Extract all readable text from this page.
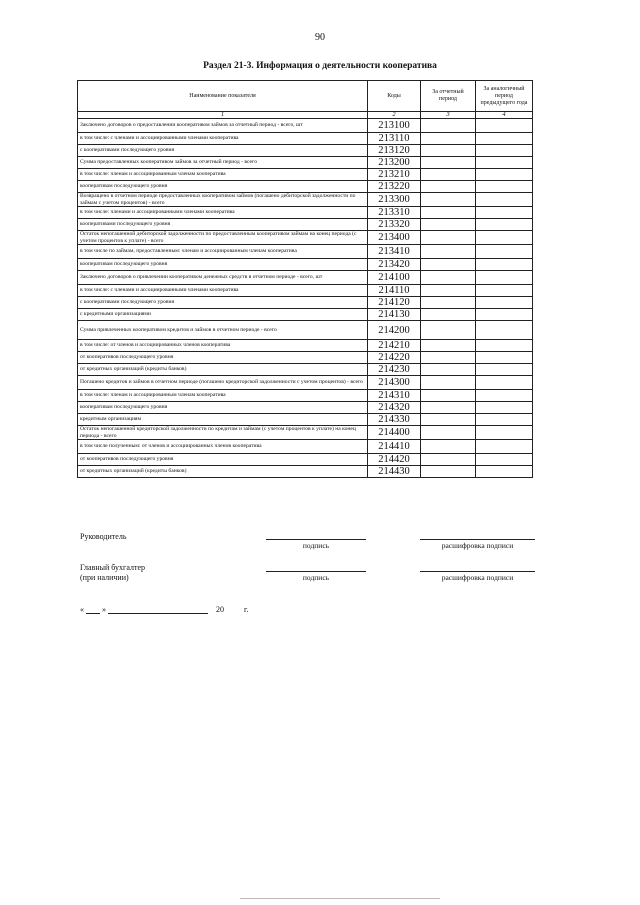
90
Раздел 21-3. Информация о деятельности кооператива
Наименование показателя	Коды	За отчетный период	За аналогичный период предыдущего года
1	2	3	4
Заключено договоров о предоставлении кооперативом займов за отчетный период - всего, шт	213100		
в том числе: с членами и ассоциированными членами кооператива	213110		
с кооперативами последующего уровня	213120		
Сумма предоставленных кооперативом займов за отчетный период - всего	213200		
в том числе: членам и ассоциированным членам кооператива	213210		
кооперативам последующего уровня	213220		
Возвращено в отчетном периоде предоставленных кооперативом займов (погашено дебиторской задолженности по займам с учетом процентов) - всего	213300		
в том числе: членами и ассоциированными членами кооператива	213310		
кооперативами последующего уровня	213320		
Остаток непогашенной дебиторской задолженности по предоставленным кооперативом займам на конец периода (с учетом процентов к уплате) - всего	213400		
в том числе по займам, предоставленным: членам и ассоциированным членам кооператива	213410		
кооперативам последующего уровня	213420		
Заключено договоров о привлечении кооперативом денежных средств в отчетном периоде - всего, шт	214100		
в том числе: с членами и ассоциированными членами кооператива	214110		
с кооперативами последующего уровня	214120		
с кредитными организациями	214130		
Сумма привлеченных кооперативом кредитов и займов в отчетном периоде - всего	214200		
в том числе: от членов и ассоциированных членов кооператива	214210		
от кооперативов последующего уровня	214220		
от кредитных организаций (кредиты банков)	214230		
Погашено кредитов и займов в отчетном периоде (погашено кредиторской задолженности с учетом процентов) - всего	214300		
в том числе: членам и ассоциированным членам кооператива	214310		
кооперативам последующего уровня	214320		
кредитным организациям	214330		
Остаток непогашенной кредиторской задолженности по кредитам и займам (с учетом процентов к уплате) на конец периода - всего	214400		
в том числе полученным: от членов и ассоциированных членов кооператива	214410		
от кооперативов последующего уровня	214420		
от кредитных организаций (кредиты банков)	214430		
Руководитель
подпись	расшифровка подписи
Главный бухгалтер
(при наличии)	подпись	расшифровка подписи
« »	20	г.
